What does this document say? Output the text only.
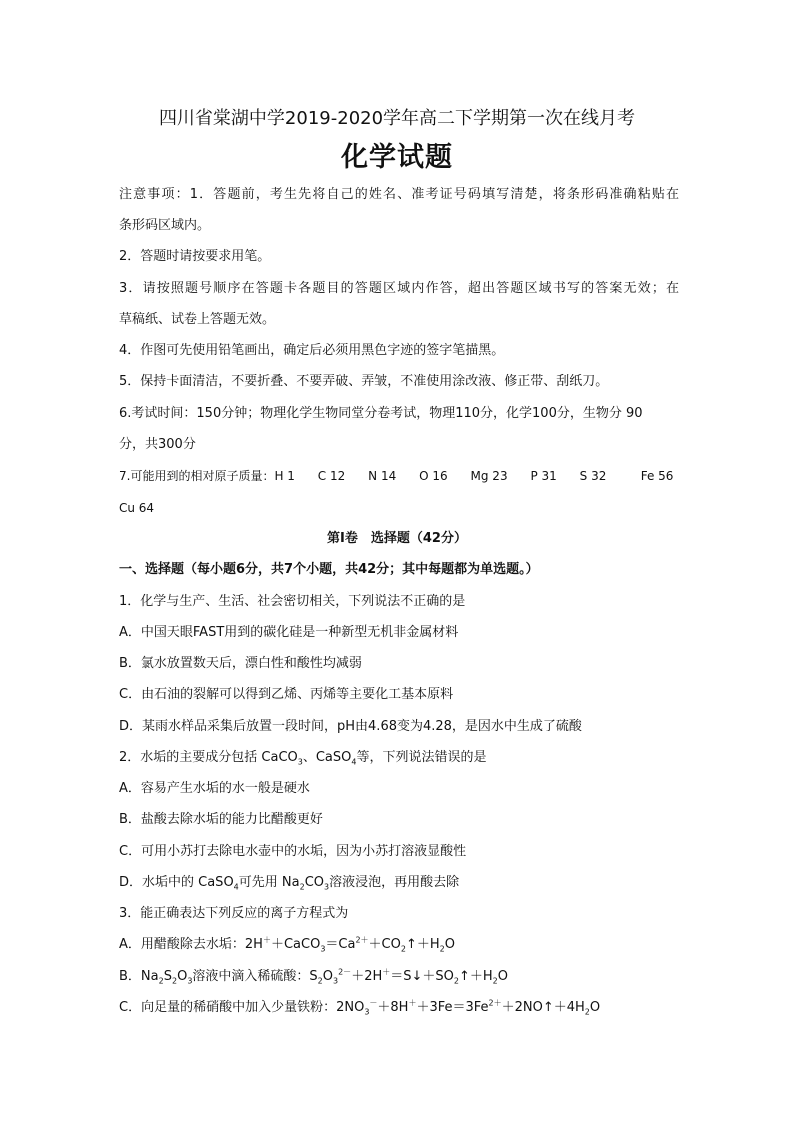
四川省棠湖中学2019-2020学年高二下学期第一次在线月考
化学试题
注意事项：1．答题前，考生先将自己的姓名、准考证号码填写清楚，将条形码准确粘贴在
条形码区域内。
2．答题时请按要求用笔。
3．请按照题号顺序在答题卡各题目的答题区域内作答，超出答题区域书写的答案无效；在
草稿纸、试卷上答题无效。
4．作图可先使用铅笔画出，确定后必须用黑色字迹的签字笔描黑。
5．保持卡面清洁，不要折叠、不要弄破、弄皱，不准使用涂改液、修正带、刮纸刀。
6.考试时间：150分钟；物理化学生物同堂分卷考试，物理110分，化学100分，生物分 90
分，共300分
7.可能用到的相对原子质量：H 1      C 12      N 14      O 16      Mg 23      P 31      S 32         Fe 56
Cu 64
第Ⅰ卷　选择题（42分）
一、选择题（每小题6分，共7个小题，共42分；其中每题都为单选题。）
1．化学与生产、生活、社会密切相关，下列说法不正确的是
A．中国天眼FAST用到的碳化硅是一种新型无机非金属材料
B．氯水放置数天后，漂白性和酸性均减弱
C．由石油的裂解可以得到乙烯、丙烯等主要化工基本原料
D．某雨水样品采集后放置一段时间，pH由4.68变为4.28，是因水中生成了硫酸
2．水垢的主要成分包括 CaCO$_3$、CaSO$_4$等，下列说法错误的是
A．容易产生水垢的水一般是硬水
B．盐酸去除水垢的能力比醋酸更好
C．可用小苏打去除电水壶中的水垢，因为小苏打溶液显酸性
D．水垢中的 CaSO$_4$可先用 $Na_2CO_3$溶液浸泡，再用酸去除
3．能正确表达下列反应的离子方程式为
A．用醋酸除去水垢：$2H^++CaCO_3=Ca^{2+}+CO_2↑+H_2O$
B．$Na_2S_2O_3$溶液中滴入稀硫酸：$S_2O_3^{2-}+2H^+=S↓+SO_2↑+H_2O$
C．向足量的稀硝酸中加入少量铁粉：$2NO_3^-+8H^++3Fe=3Fe^{2+}+2NO↑+4H_2O$
